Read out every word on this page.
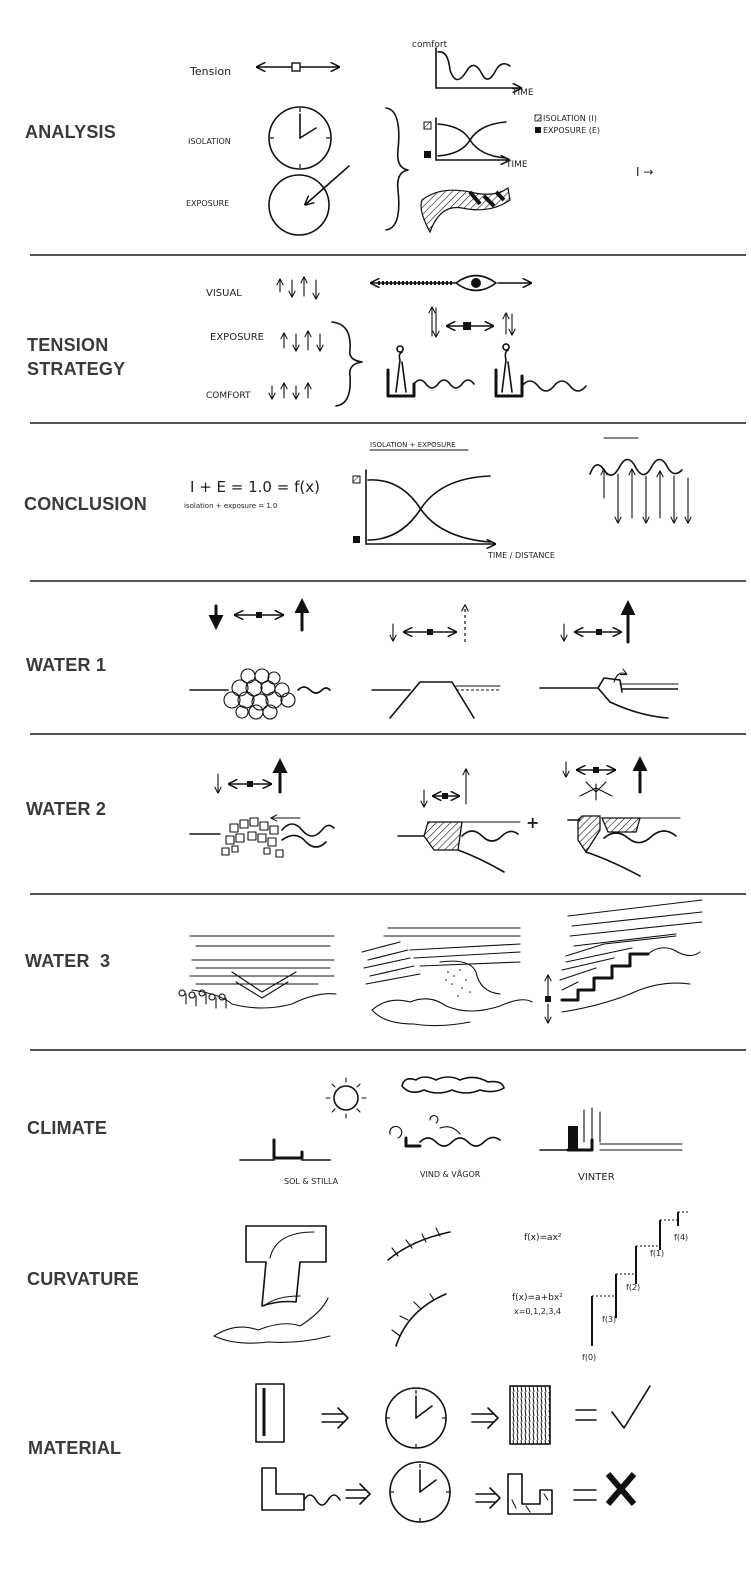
ANALYSIS
TENSION
STRATEGY
CONCLUSION
WATER 1
WATER 2
WATER  3
CLIMATE
CURVATURE
MATERIAL
Tension
comfort
TIME
ISOLATION
EXPOSURE
TIME
ISOLATION (I)
EXPOSURE (E)
I →
VISUAL
EXPOSURE
COMFORT
I + E = 1.0 = f(x)
isolation + exposure = 1.0
ISOLATION + EXPOSURE
TIME / DISTANCE
+
SOL & STILLA
VIND & VÅGOR	VINTER
f(x)=ax²
f(x)=a+bx²
x=0,1,2,3,4
f(0)
f(3)
f(2)
f(1)
f(4)
